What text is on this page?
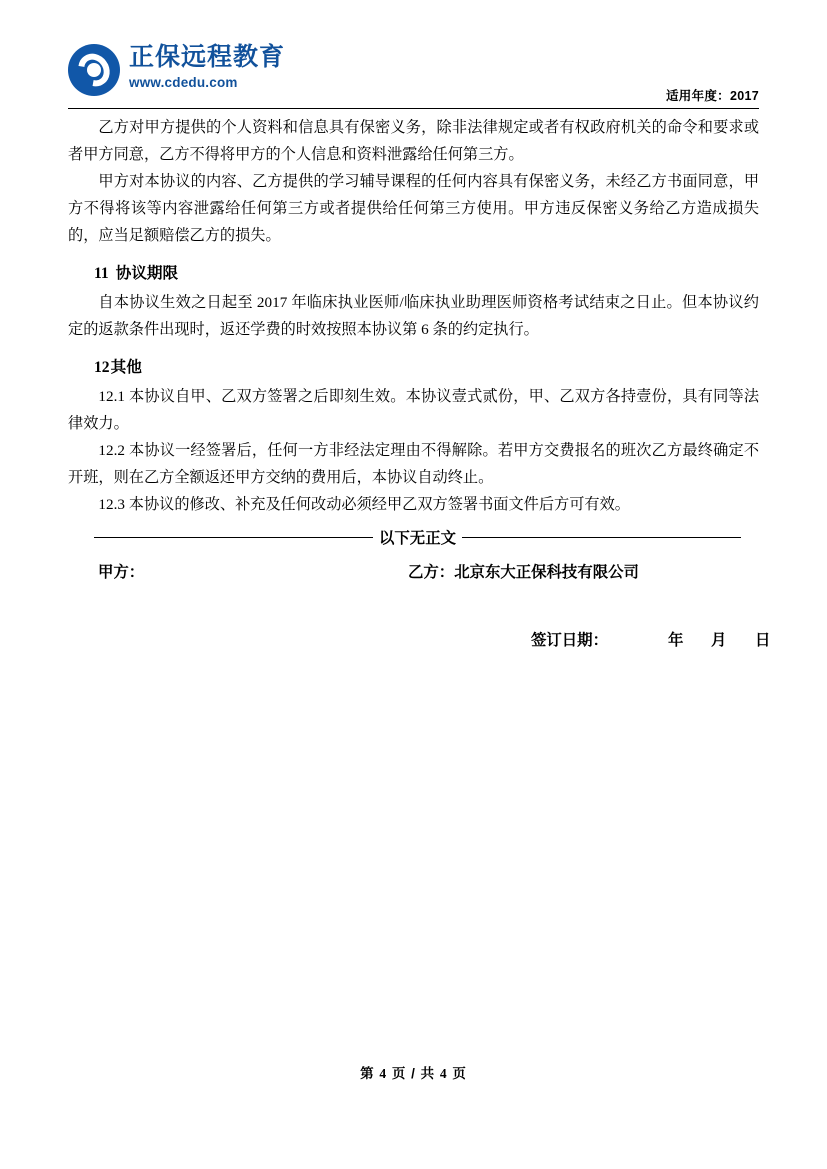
正保远程教育
www.cdedu.com
适用年度：2017

乙方对甲方提供的个人资料和信息具有保密义务，除非法律规定或者有权政府机关的命令和要求或者甲方同意，乙方不得将甲方的个人信息和资料泄露给任何第三方。

甲方对本协议的内容、乙方提供的学习辅导课程的任何内容具有保密义务，未经乙方书面同意，甲方不得将该等内容泄露给任何第三方或者提供给任何第三方使用。甲方违反保密义务给乙方造成损失的，应当足额赔偿乙方的损失。

11 协议期限

自本协议生效之日起至 2017 年临床执业医师/临床执业助理医师资格考试结束之日止。但本协议约定的返款条件出现时，返还学费的时效按照本协议第 6 条的约定执行。

12其他

12.1 本协议自甲、乙双方签署之后即刻生效。本协议壹式贰份，甲、乙双方各持壹份，具有同等法律效力。

12.2 本协议一经签署后，任何一方非经法定理由不得解除。若甲方交费报名的班次乙方最终确定不开班，则在乙方全额返还甲方交纳的费用后，本协议自动终止。

12.3 本协议的修改、补充及任何改动必须经甲乙双方签署书面文件后方可有效。

以下无正文
甲方：	乙方：北京东大正保科技有限公司
签订日期：	年 月 日
第 4 页 / 共 4 页
